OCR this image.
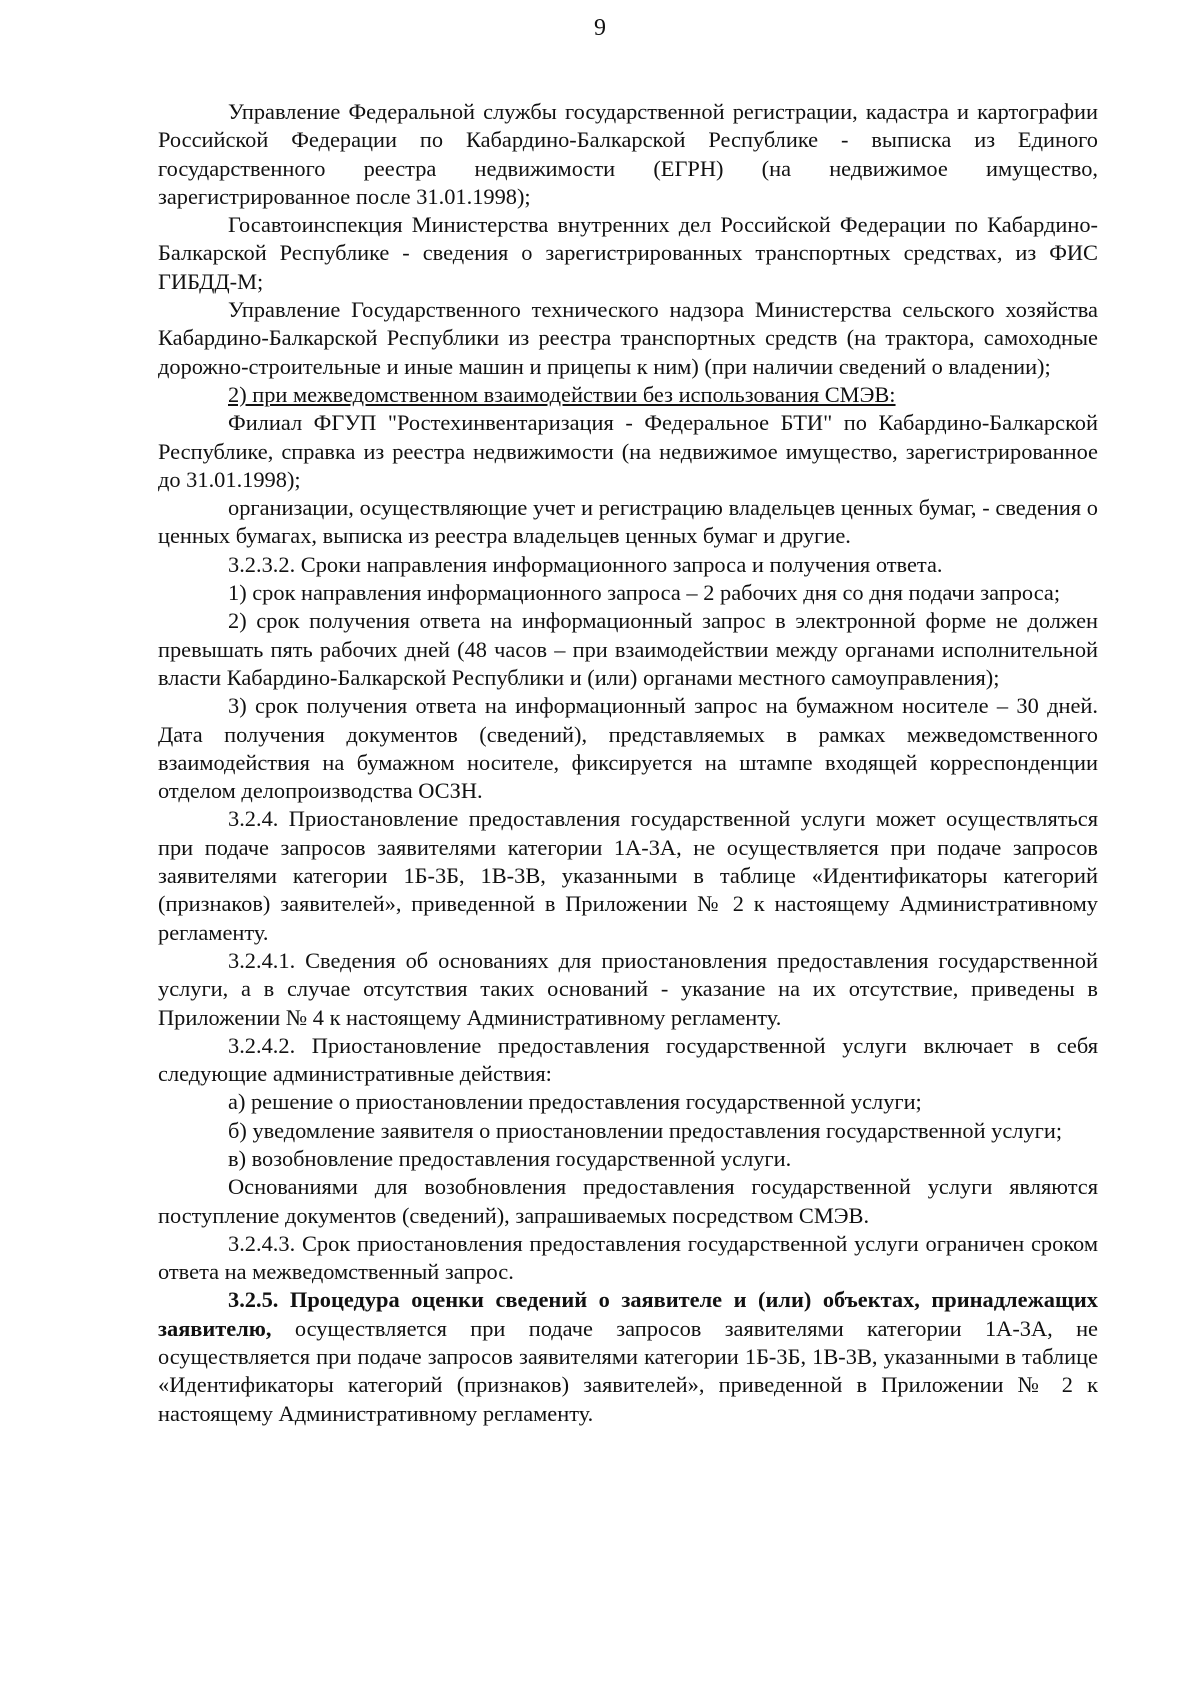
9

Управление Федеральной службы государственной регистрации, кадастра и картографии Российской Федерации по Кабардино-Балкарской Республике - выписка из Единого государственного реестра недвижимости (ЕГРН) (на недвижимое имущество, зарегистрированное после 31.01.1998);

Госавтоинспекция Министерства внутренних дел Российской Федерации по Кабардино-Балкарской Республике - сведения о зарегистрированных транспортных средствах, из ФИС ГИБДД-М;

Управление Государственного технического надзора Министерства сельского хозяйства Кабардино-Балкарской Республики из реестра транспортных средств (на трактора, самоходные дорожно-строительные и иные машин и прицепы к ним) (при наличии сведений о владении);

2) при межведомственном взаимодействии без использования СМЭВ:

Филиал ФГУП "Ростехинвентаризация - Федеральное БТИ" по Кабардино-Балкарской Республике, справка из реестра недвижимости (на недвижимое имущество, зарегистрированное до 31.01.1998);

организации, осуществляющие учет и регистрацию владельцев ценных бумаг, - сведения о ценных бумагах, выписка из реестра владельцев ценных бумаг и другие.

3.2.3.2. Сроки направления информационного запроса и получения ответа.

1) срок направления информационного запроса – 2 рабочих дня со дня подачи запроса;

2) срок получения ответа на информационный запрос в электронной форме не должен превышать пять рабочих дней (48 часов – при взаимодействии между органами исполнительной власти Кабардино-Балкарской Республики и (или) органами местного самоуправления);

3) срок получения ответа на информационный запрос на бумажном носителе – 30 дней. Дата получения документов (сведений), представляемых в рамках межведомственного взаимодействия на бумажном носителе, фиксируется на штампе входящей корреспонденции отделом делопроизводства ОСЗН.

3.2.4. Приостановление предоставления государственной услуги может осуществляться при подаче запросов заявителями категории 1А-3А, не осуществляется при подаче запросов заявителями категории 1Б-3Б, 1В-3В, указанными в таблице «Идентификаторы категорий (признаков) заявителей», приведенной в Приложении № 2 к настоящему Административному регламенту.

3.2.4.1. Сведения об основаниях для приостановления предоставления государственной услуги, а в случае отсутствия таких оснований - указание на их отсутствие, приведены в Приложении № 4 к настоящему Административному регламенту.

3.2.4.2. Приостановление предоставления государственной услуги включает в себя следующие административные действия:

а) решение о приостановлении предоставления государственной услуги;

б) уведомление заявителя о приостановлении предоставления государственной услуги;

в) возобновление предоставления государственной услуги.

Основаниями для возобновления предоставления государственной услуги являются поступление документов (сведений), запрашиваемых посредством СМЭВ.

3.2.4.3. Срок приостановления предоставления государственной услуги ограничен сроком ответа на межведомственный запрос.

3.2.5. Процедура оценки сведений о заявителе и (или) объектах, принадлежащих заявителю, осуществляется при подаче запросов заявителями категории 1А-3А, не осуществляется при подаче запросов заявителями категории 1Б-3Б, 1В-3В, указанными в таблице «Идентификаторы категорий (признаков) заявителей», приведенной в Приложении № 2 к настоящему Административному регламенту.
